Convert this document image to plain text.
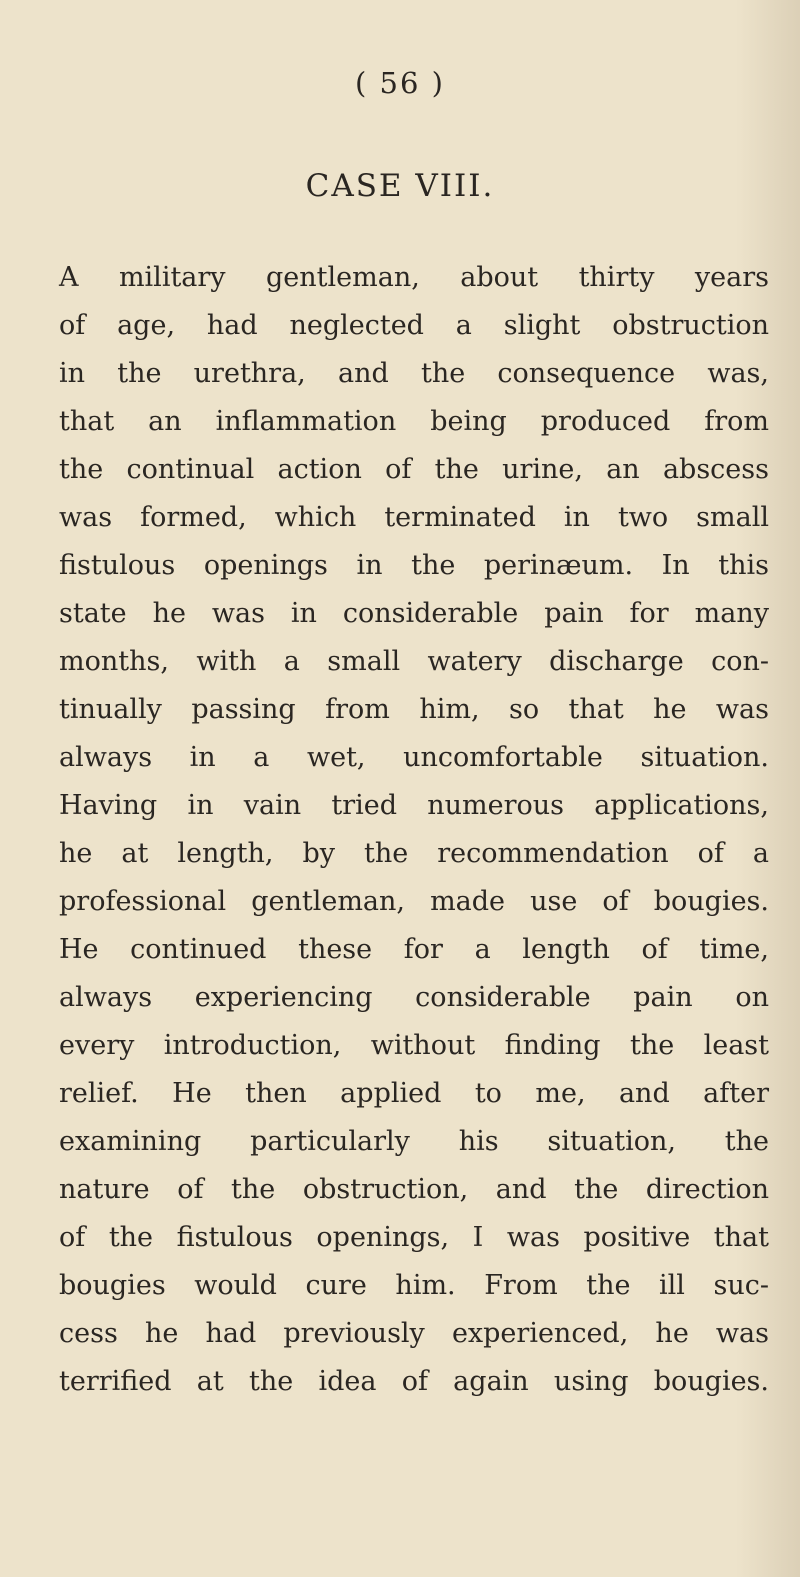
( 56 )
CASE VIII.
A military gentleman, about thirty years
of age, had neglected a slight obstruction
in the urethra, and the consequence was,
that an inflammation being produced from
the continual action of the urine, an abscess
was formed, which terminated in two small
fistulous openings in the perinæum. In this
state he was in considerable pain for many
months, with a small watery discharge con-
tinually passing from him, so that he was
always in a wet, uncomfortable situation.
Having in vain tried numerous applications,
he at length, by the recommendation of a
professional gentleman, made use of bougies.
He continued these for a length of time,
always experiencing considerable pain on
every introduction, without finding the least
relief. He then applied to me, and after
examining particularly his situation, the
nature of the obstruction, and the direction
of the fistulous openings, I was positive that
bougies would cure him. From the ill suc-
cess he had previously experienced, he was
terrified at the idea of again using bougies.
